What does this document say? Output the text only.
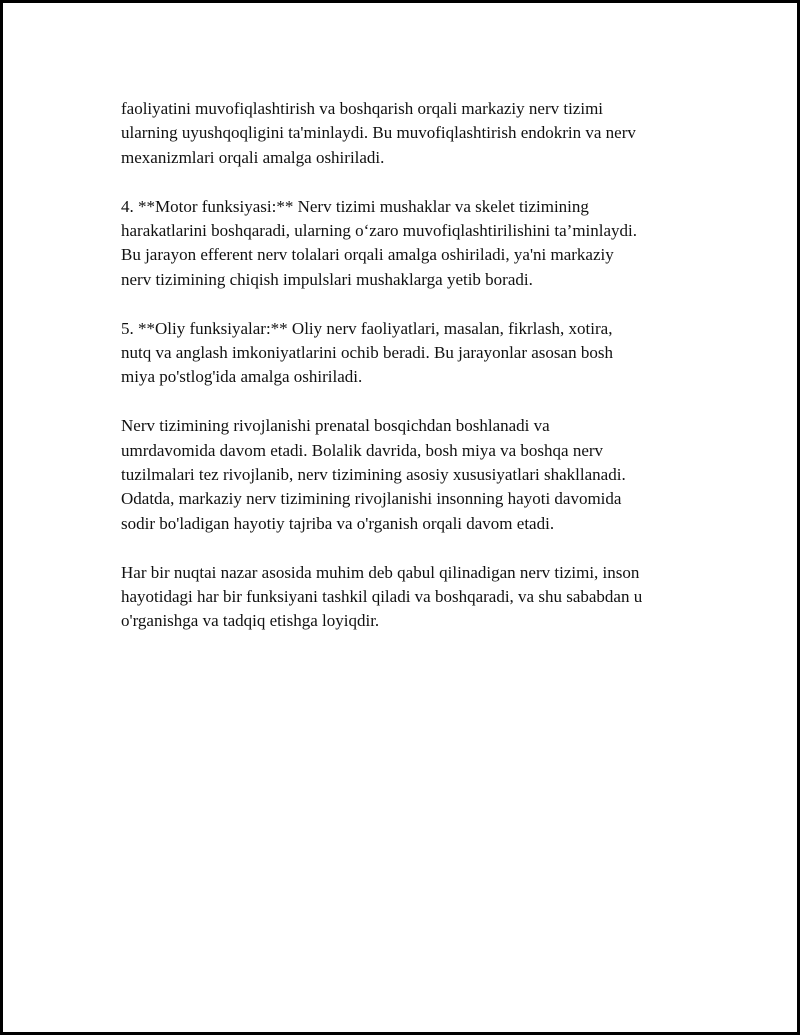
faoliyatini muvofiqlashtirish va boshqarish orqali markaziy nerv tizimi
ularning uyushqoqligini ta'minlaydi. Bu muvofiqlashtirish endokrin va nerv
mexanizmlari orqali amalga oshiriladi.

4. **Motor funksiyasi:** Nerv tizimi mushaklar va skelet tizimining
harakatlarini boshqaradi, ularning o‘zaro muvofiqlashtirilishini ta’minlaydi.
Bu jarayon efferent nerv tolalari orqali amalga oshiriladi, ya'ni markaziy
nerv tizimining chiqish impulslari mushaklarga yetib boradi.

5. **Oliy funksiyalar:** Oliy nerv faoliyatlari, masalan, fikrlash, xotira,
nutq va anglash imkoniyatlarini ochib beradi. Bu jarayonlar asosan bosh
miya po'stlog'ida amalga oshiriladi.

Nerv tizimining rivojlanishi prenatal bosqichdan boshlanadi va
umrdavomida davom etadi. Bolalik davrida, bosh miya va boshqa nerv
tuzilmalari tez rivojlanib, nerv tizimining asosiy xususiyatlari shakllanadi.
Odatda, markaziy nerv tizimining rivojlanishi insonning hayoti davomida
sodir bo'ladigan hayotiy tajriba va o'rganish orqali davom etadi.

Har bir nuqtai nazar asosida muhim deb qabul qilinadigan nerv tizimi, inson
hayotidagi har bir funksiyani tashkil qiladi va boshqaradi, va shu sababdan u
o'rganishga va tadqiq etishga loyiqdir.
